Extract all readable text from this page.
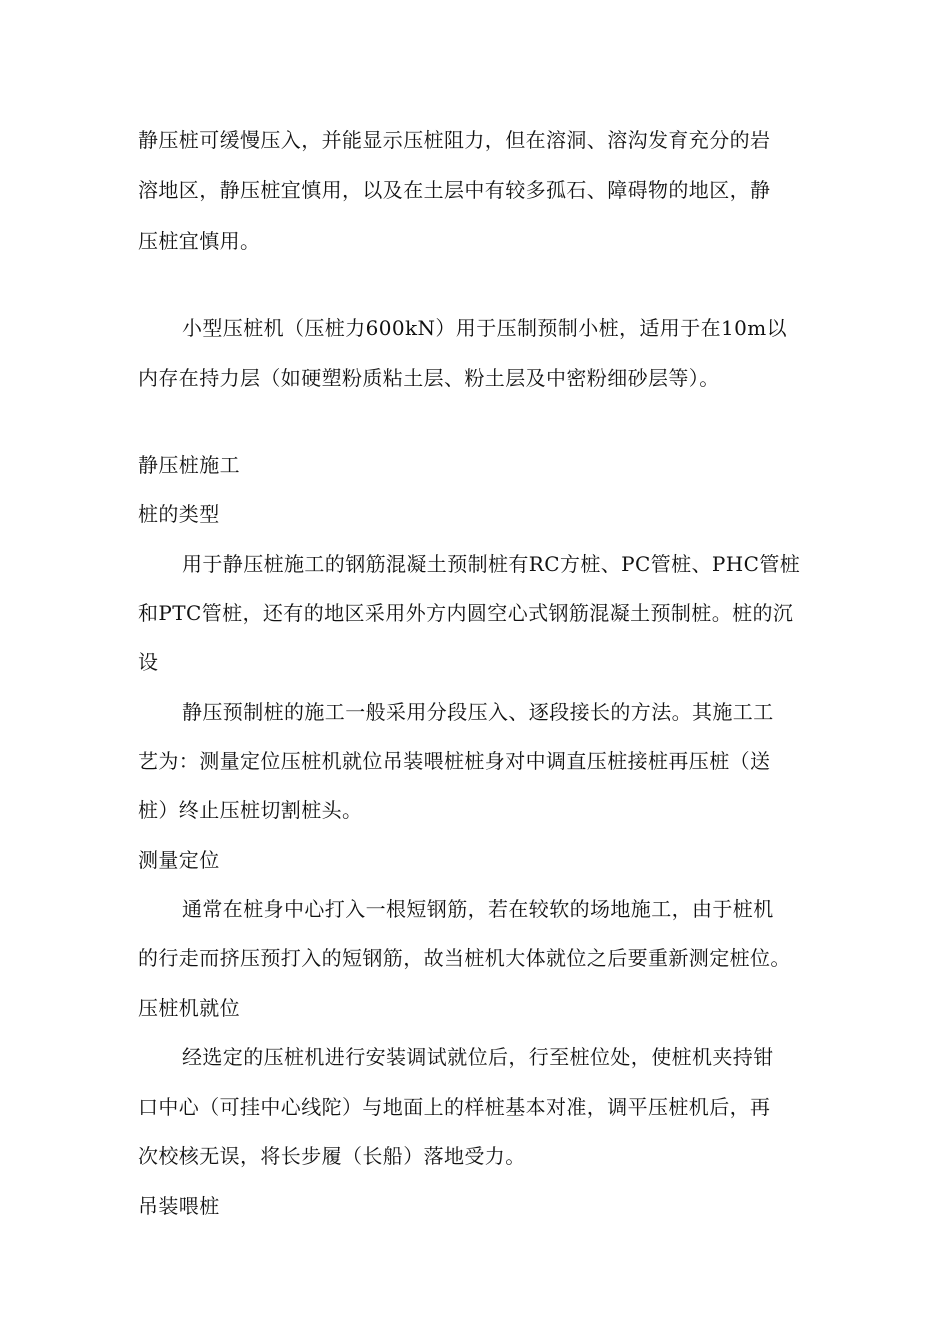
静压桩可缓慢压入，并能显示压桩阻力，但在溶洞、溶沟发育充分的岩
溶地区，静压桩宜慎用，以及在土层中有较多孤石、障碍物的地区，静
压桩宜慎用。
小型压桩机（压桩力600kN）用于压制预制小桩，适用于在10m以
内存在持力层（如硬塑粉质粘土层、粉土层及中密粉细砂层等）。
静压桩施工
桩的类型
用于静压桩施工的钢筋混凝土预制桩有RC方桩、PC管桩、PHC管桩
和PTC管桩，还有的地区采用外方内圆空心式钢筋混凝土预制桩。桩的沉
设
静压预制桩的施工一般采用分段压入、逐段接长的方法。其施工工
艺为：测量定位压桩机就位吊装喂桩桩身对中调直压桩接桩再压桩（送
桩）终止压桩切割桩头。
测量定位
通常在桩身中心打入一根短钢筋，若在较软的场地施工，由于桩机
的行走而挤压预打入的短钢筋，故当桩机大体就位之后要重新测定桩位。
压桩机就位
经选定的压桩机进行安装调试就位后，行至桩位处，使桩机夹持钳
口中心（可挂中心线陀）与地面上的样桩基本对准，调平压桩机后，再
次校核无误，将长步履（长船）落地受力。
吊装喂桩
